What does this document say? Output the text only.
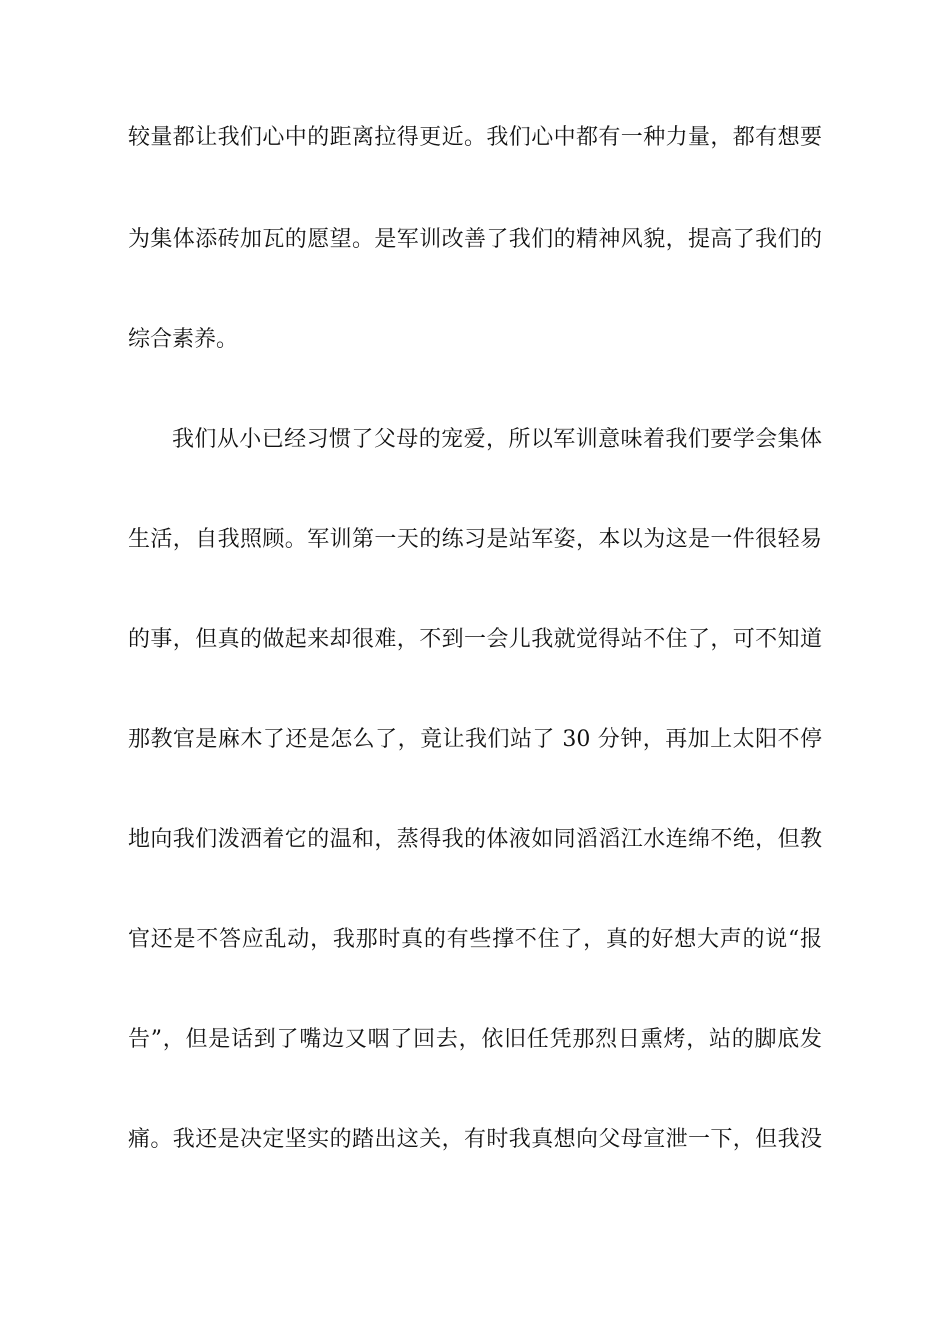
较量都让我们心中的距离拉得更近。我们心中都有一种力量，都有想要
为集体添砖加瓦的愿望。是军训改善了我们的精神风貌，提高了我们的
综合素养。
我们从小已经习惯了父母的宠爱，所以军训意味着我们要学会集体
生活，自我照顾。军训第一天的练习是站军姿，本以为这是一件很轻易
的事，但真的做起来却很难，不到一会儿我就觉得站不住了，可不知道
那教官是麻木了还是怎么了，竟让我们站了 30 分钟，再加上太阳不停
地向我们泼洒着它的温和，蒸得我的体液如同滔滔江水连绵不绝，但教
官还是不答应乱动，我那时真的有些撑不住了，真的好想大声的说“报
告”，但是话到了嘴边又咽了回去，依旧任凭那烈日熏烤，站的脚底发
痛。我还是决定坚实的踏出这关，有时我真想向父母宣泄一下，但我没
